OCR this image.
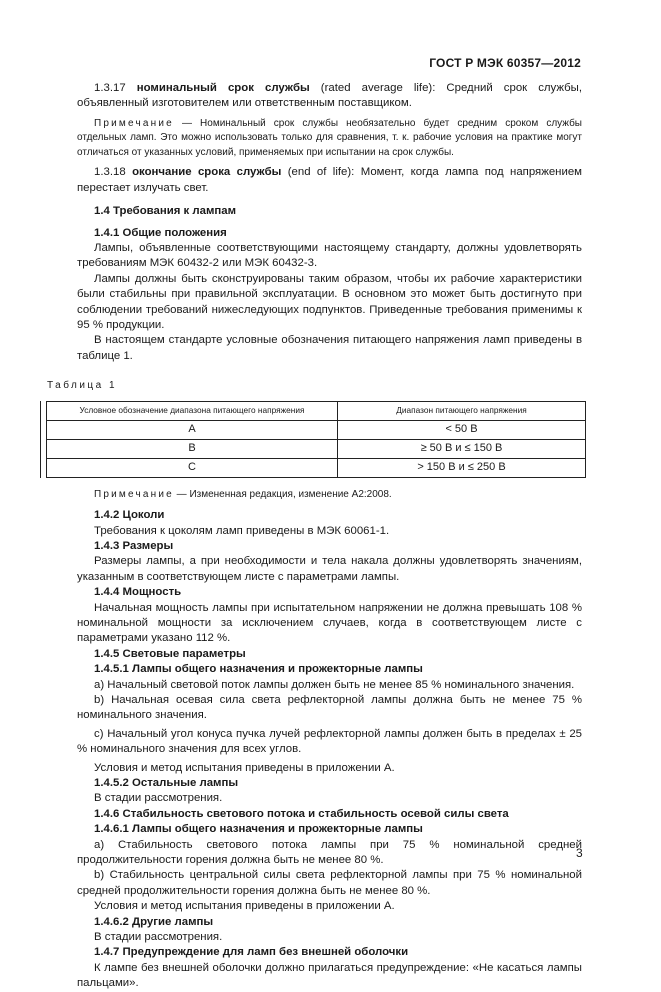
ГОСТ Р МЭК 60357—2012

1.3.17 номинальный срок службы (rated average life): Средний срок службы, объявленный изготовителем или ответственным поставщиком.

Примечание — Номинальный срок службы необязательно будет средним сроком службы отдельных ламп. Это можно использовать только для сравнения, т. к. рабочие условия на практике могут отличаться от указанных условий, применяемых при испытании на срок службы.

1.3.18 окончание срока службы (end of life): Момент, когда лампа под напряжением перестает излучать свет.

1.4 Требования к лампам

1.4.1 Общие положения

Лампы, объявленные соответствующими настоящему стандарту, должны удовлетворять требованиям МЭК 60432-2 или МЭК 60432-3.

Лампы должны быть сконструированы таким образом, чтобы их рабочие характеристики были стабильны при правильной эксплуатации. В основном это может быть достигнуто при соблюдении требований нижеследующих подпунктов. Приведенные требования применимы к 95 % продукции.

В настоящем стандарте условные обозначения питающего напряжения ламп приведены в таблице 1.

Таблица 1

Условное обозначение диапазона питающего напряжения	Диапазон питающего напряжения
A	< 50 В
B	≥ 50 В и ≤ 150 В
C	> 150 В и ≤ 250 В

Примечание — Измененная редакция, изменение А2:2008.

1.4.2 Цоколи

Требования к цоколям ламп приведены в МЭК 60061-1.

1.4.3 Размеры

Размеры лампы, а при необходимости и тела накала должны удовлетворять значениям, указанным в соответствующем листе с параметрами лампы.

1.4.4 Мощность

Начальная мощность лампы при испытательном напряжении не должна превышать 108 % номинальной мощности за исключением случаев, когда в соответствующем листе с параметрами указано 112 %.

1.4.5 Световые параметры

1.4.5.1 Лампы общего назначения и прожекторные лампы

a) Начальный световой поток лампы должен быть не менее 85 % номинального значения.

b) Начальная осевая сила света рефлекторной лампы должна быть не менее 75 % номинального значения.

c) Начальный угол конуса пучка лучей рефлекторной лампы должен быть в пределах ± 25 % номинального значения для всех углов.

Условия и метод испытания приведены в приложении А.

1.4.5.2 Остальные лампы

В стадии рассмотрения.

1.4.6 Стабильность светового потока и стабильность осевой силы света

1.4.6.1 Лампы общего назначения и прожекторные лампы

a) Стабильность светового потока лампы при 75 % номинальной средней продолжительности горения должна быть не менее 80 %.

b) Стабильность центральной силы света рефлекторной лампы при 75 % номинальной средней продолжительности горения должна быть не менее 80 %.

Условия и метод испытания приведены в приложении А.

1.4.6.2 Другие лампы

В стадии рассмотрения.

1.4.7 Предупреждение для ламп без внешней оболочки

К лампе без внешней оболочки должно прилагаться предупреждение: «Не касаться лампы пальцами».

3
